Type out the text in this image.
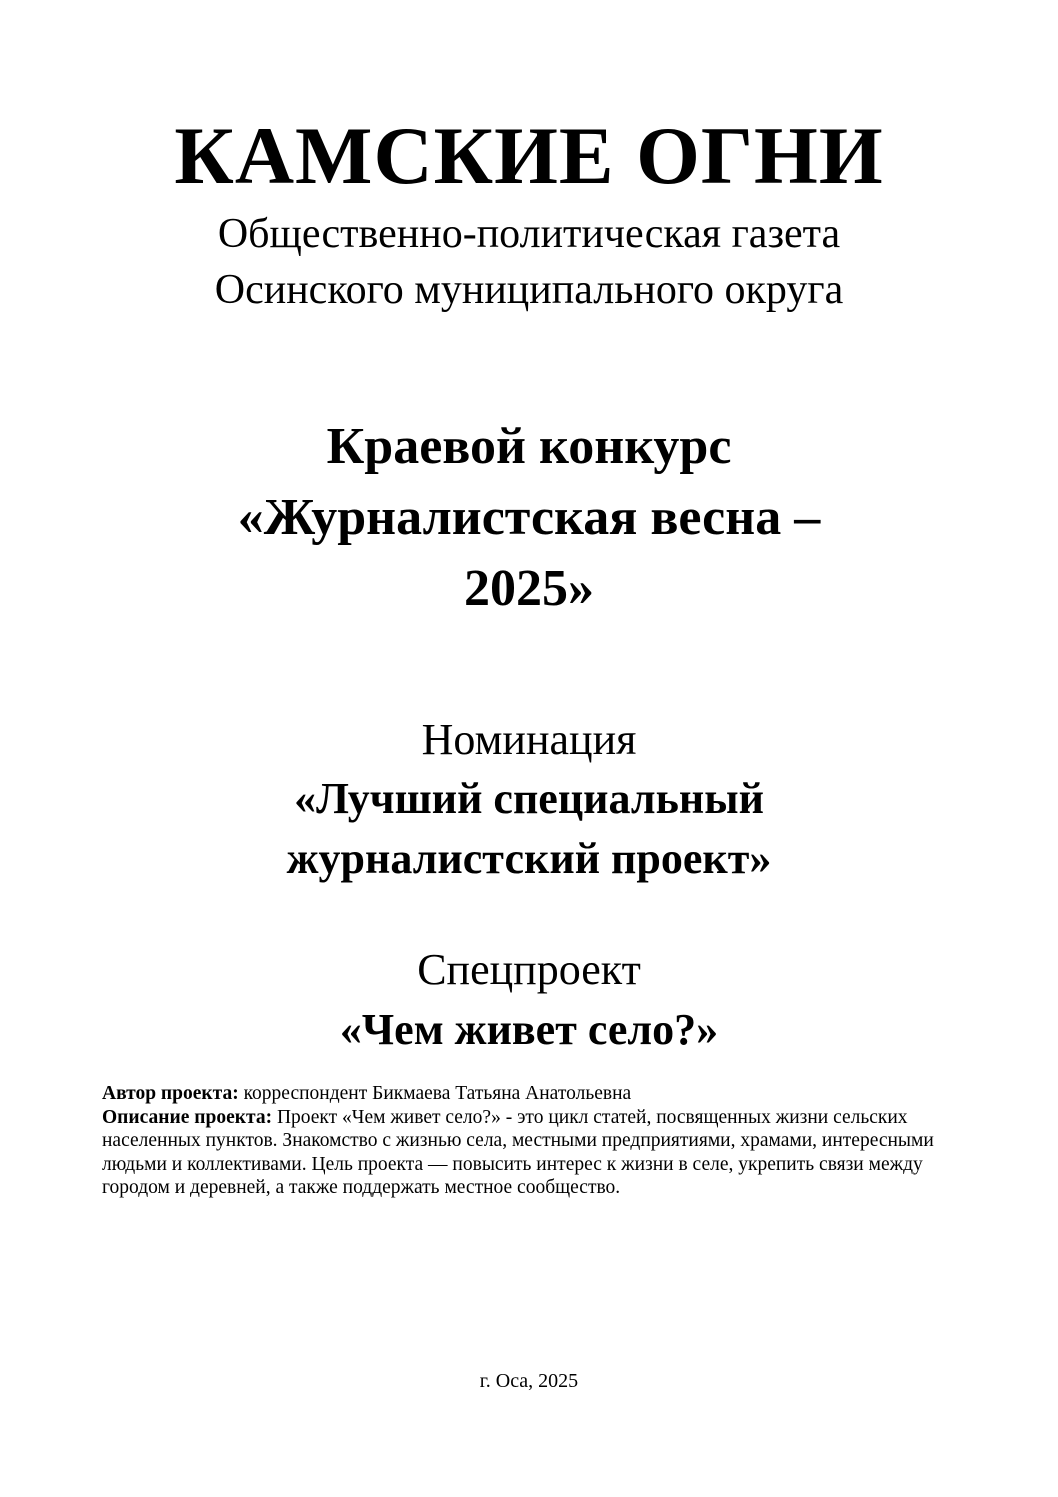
КАМСКИЕ ОГНИ
Общественно-политическая газета
Осинского муниципального округа
Краевой конкурс
«Журналистская весна –
2025»
Номинация
«Лучший специальный
журналистский проект»
Спецпроект
«Чем живет село?»

Автор проекта: корреспондент Бикмаева Татьяна Анатольевна

Описание проекта: Проект «Чем живет село?» - это цикл статей, посвященных жизни сельских населенных пунктов. Знакомство с жизнью села, местными предприятиями, храмами, интересными людьми и коллективами. Цель проекта — повысить интерес к жизни в селе, укрепить связи между городом и деревней, а также поддержать местное сообщество.

г. Оса, 2025
